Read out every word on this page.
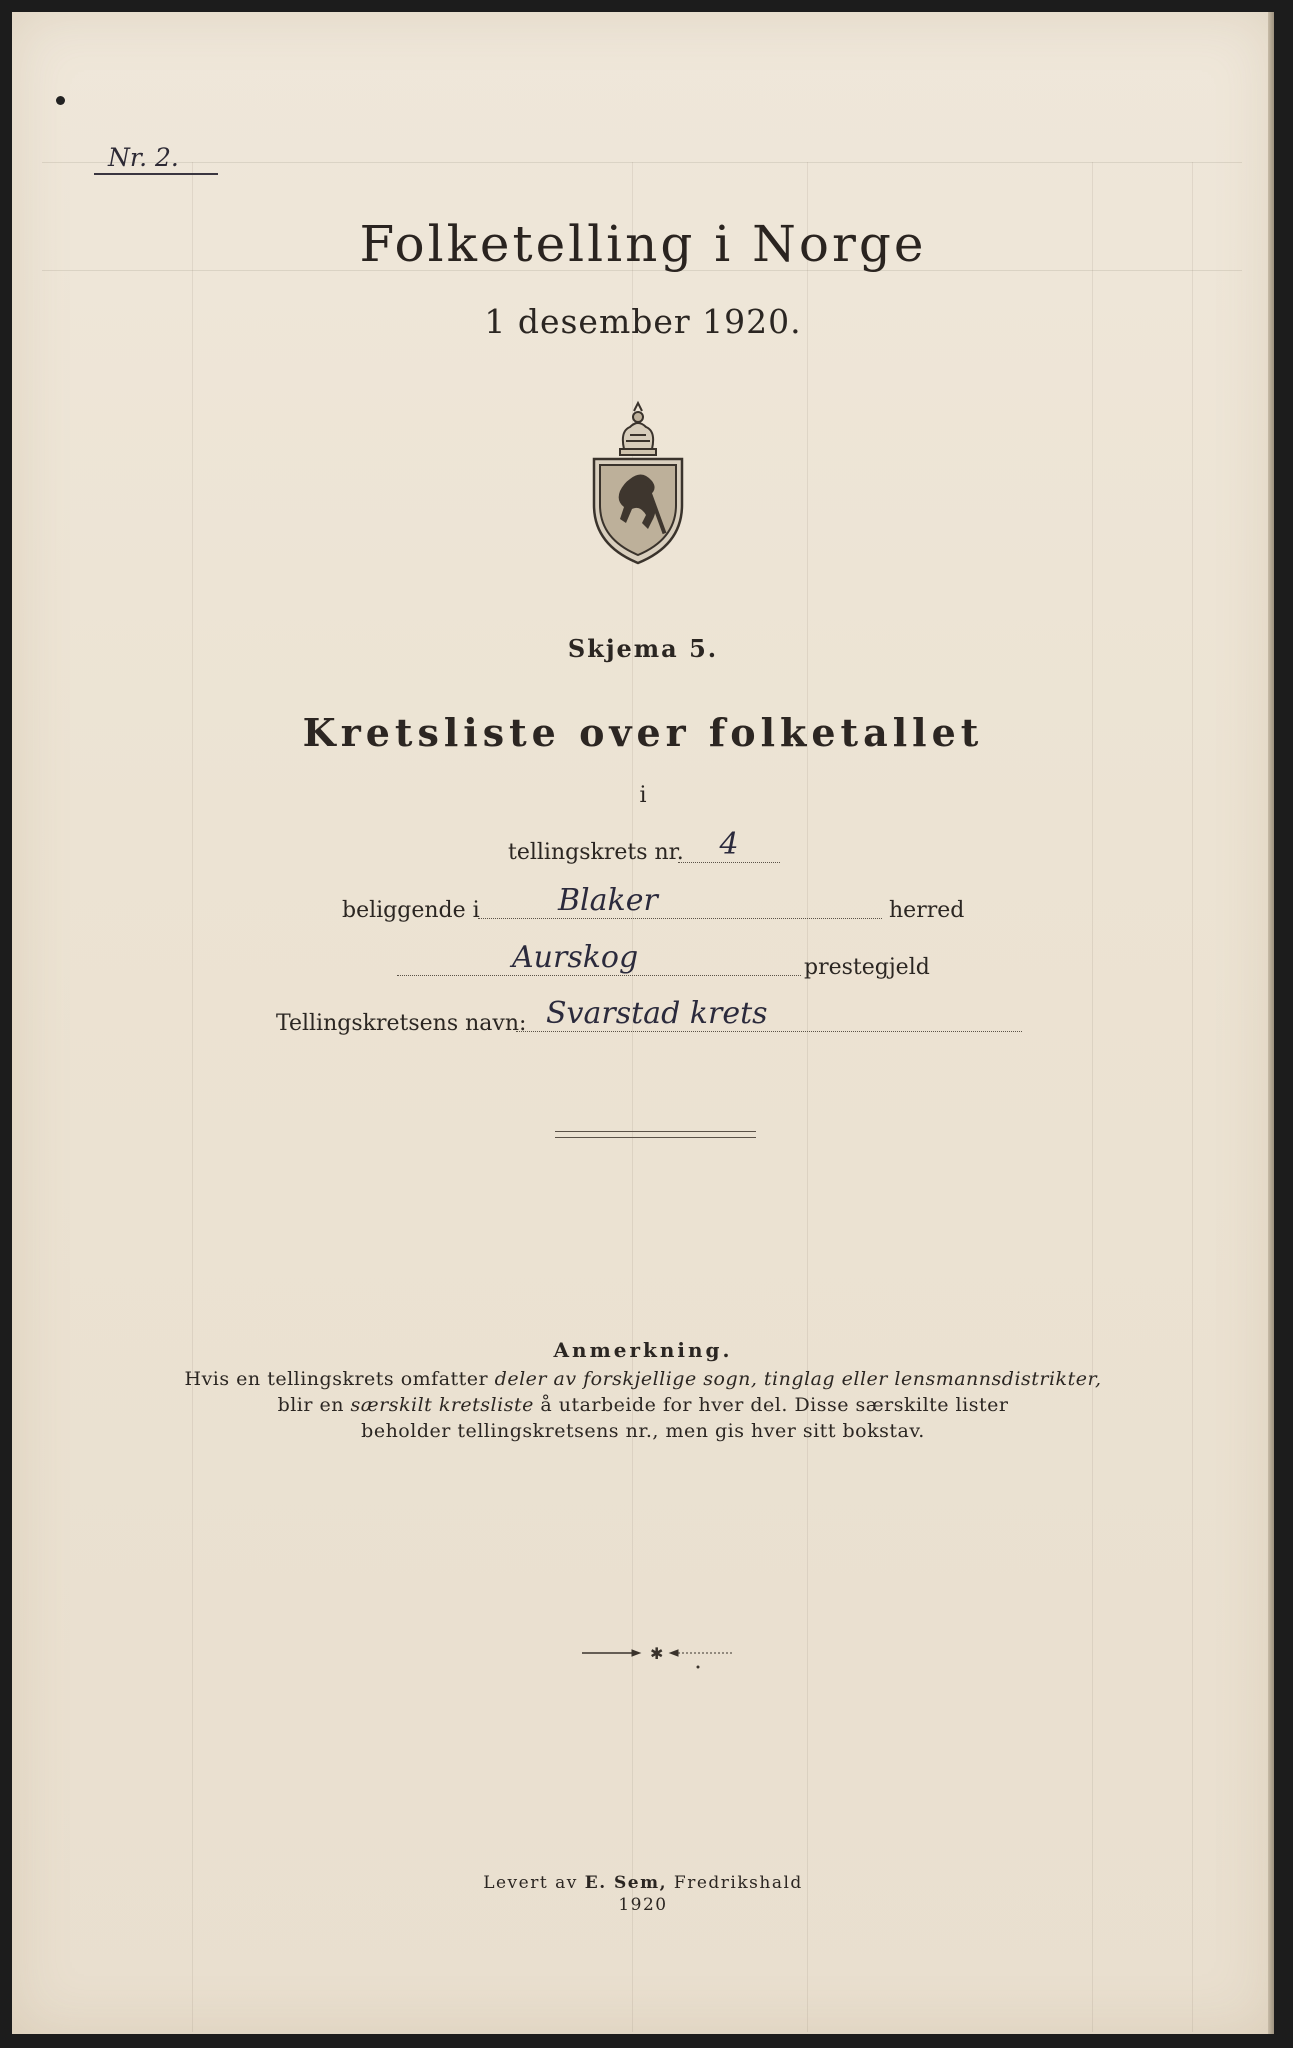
Nr. 2.
Folketelling i Norge
1 desember 1920.
Skjema 5.
Kretsliste over folketallet
i
tellingskrets nr.	4
beliggende i	Blaker	herred
Aurskog	prestegjeld
Tellingskretsens navn: Svarstad krets
Anmerkning.
Hvis en tellingskrets omfatter deler av forskjellige sogn, tinglag eller lensmannsdistrikter,
blir en særskilt kretsliste å utarbeide for hver del. Disse særskilte lister
beholder tellingskretsens nr., men gis hver sitt bokstav.
✱
Levert av E. Sem, Fredrikshald
1920
